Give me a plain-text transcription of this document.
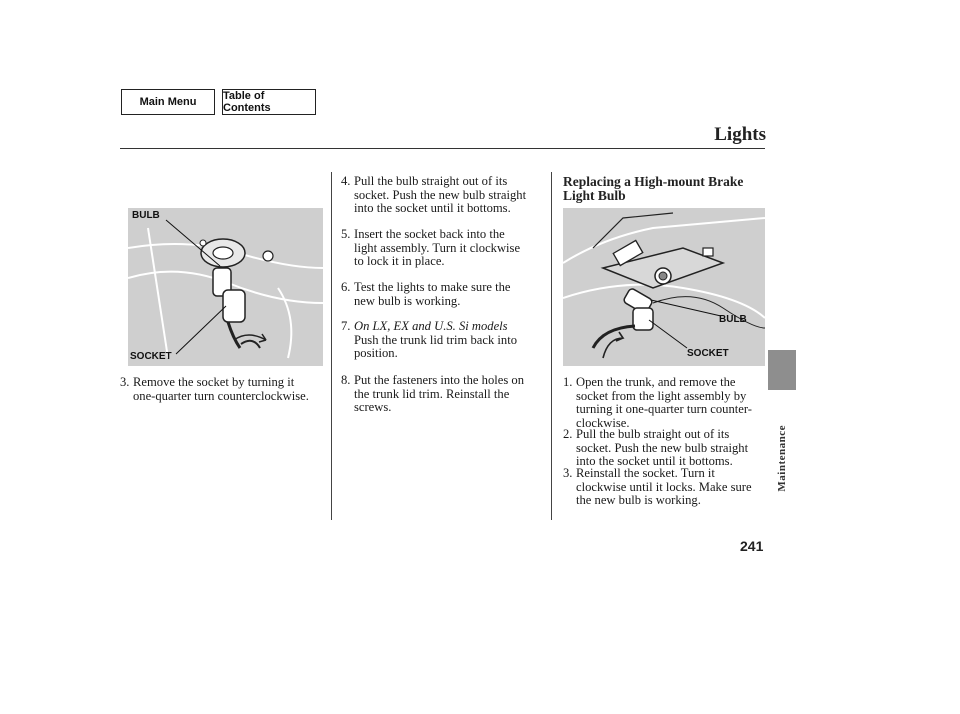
Main Menu	Table of Contents
Lights
Maintenance
241
BULB
SOCKET
3. Remove the socket by turning it
one-quarter turn counterclockwise.
4. Pull the bulb straight out of its
socket. Push the new bulb straight
into the socket until it bottoms.
5. Insert the socket back into the
light assembly. Turn it clockwise
to lock it in place.
6. Test the lights to make sure the
new bulb is working.
7. On LX, EX and U.S. Si models
Push the trunk lid trim back into
position.
8. Put the fasteners into the holes on
the trunk lid trim. Reinstall the
screws.
Replacing a High-mount Brake
Light Bulb
BULB
SOCKET
1. Open the trunk, and remove the
socket from the light assembly by
turning it one-quarter turn counter-
clockwise.
2. Pull the bulb straight out of its
socket. Push the new bulb straight
into the socket until it bottoms.
3. Reinstall the socket. Turn it
clockwise until it locks. Make sure
the new bulb is working.
